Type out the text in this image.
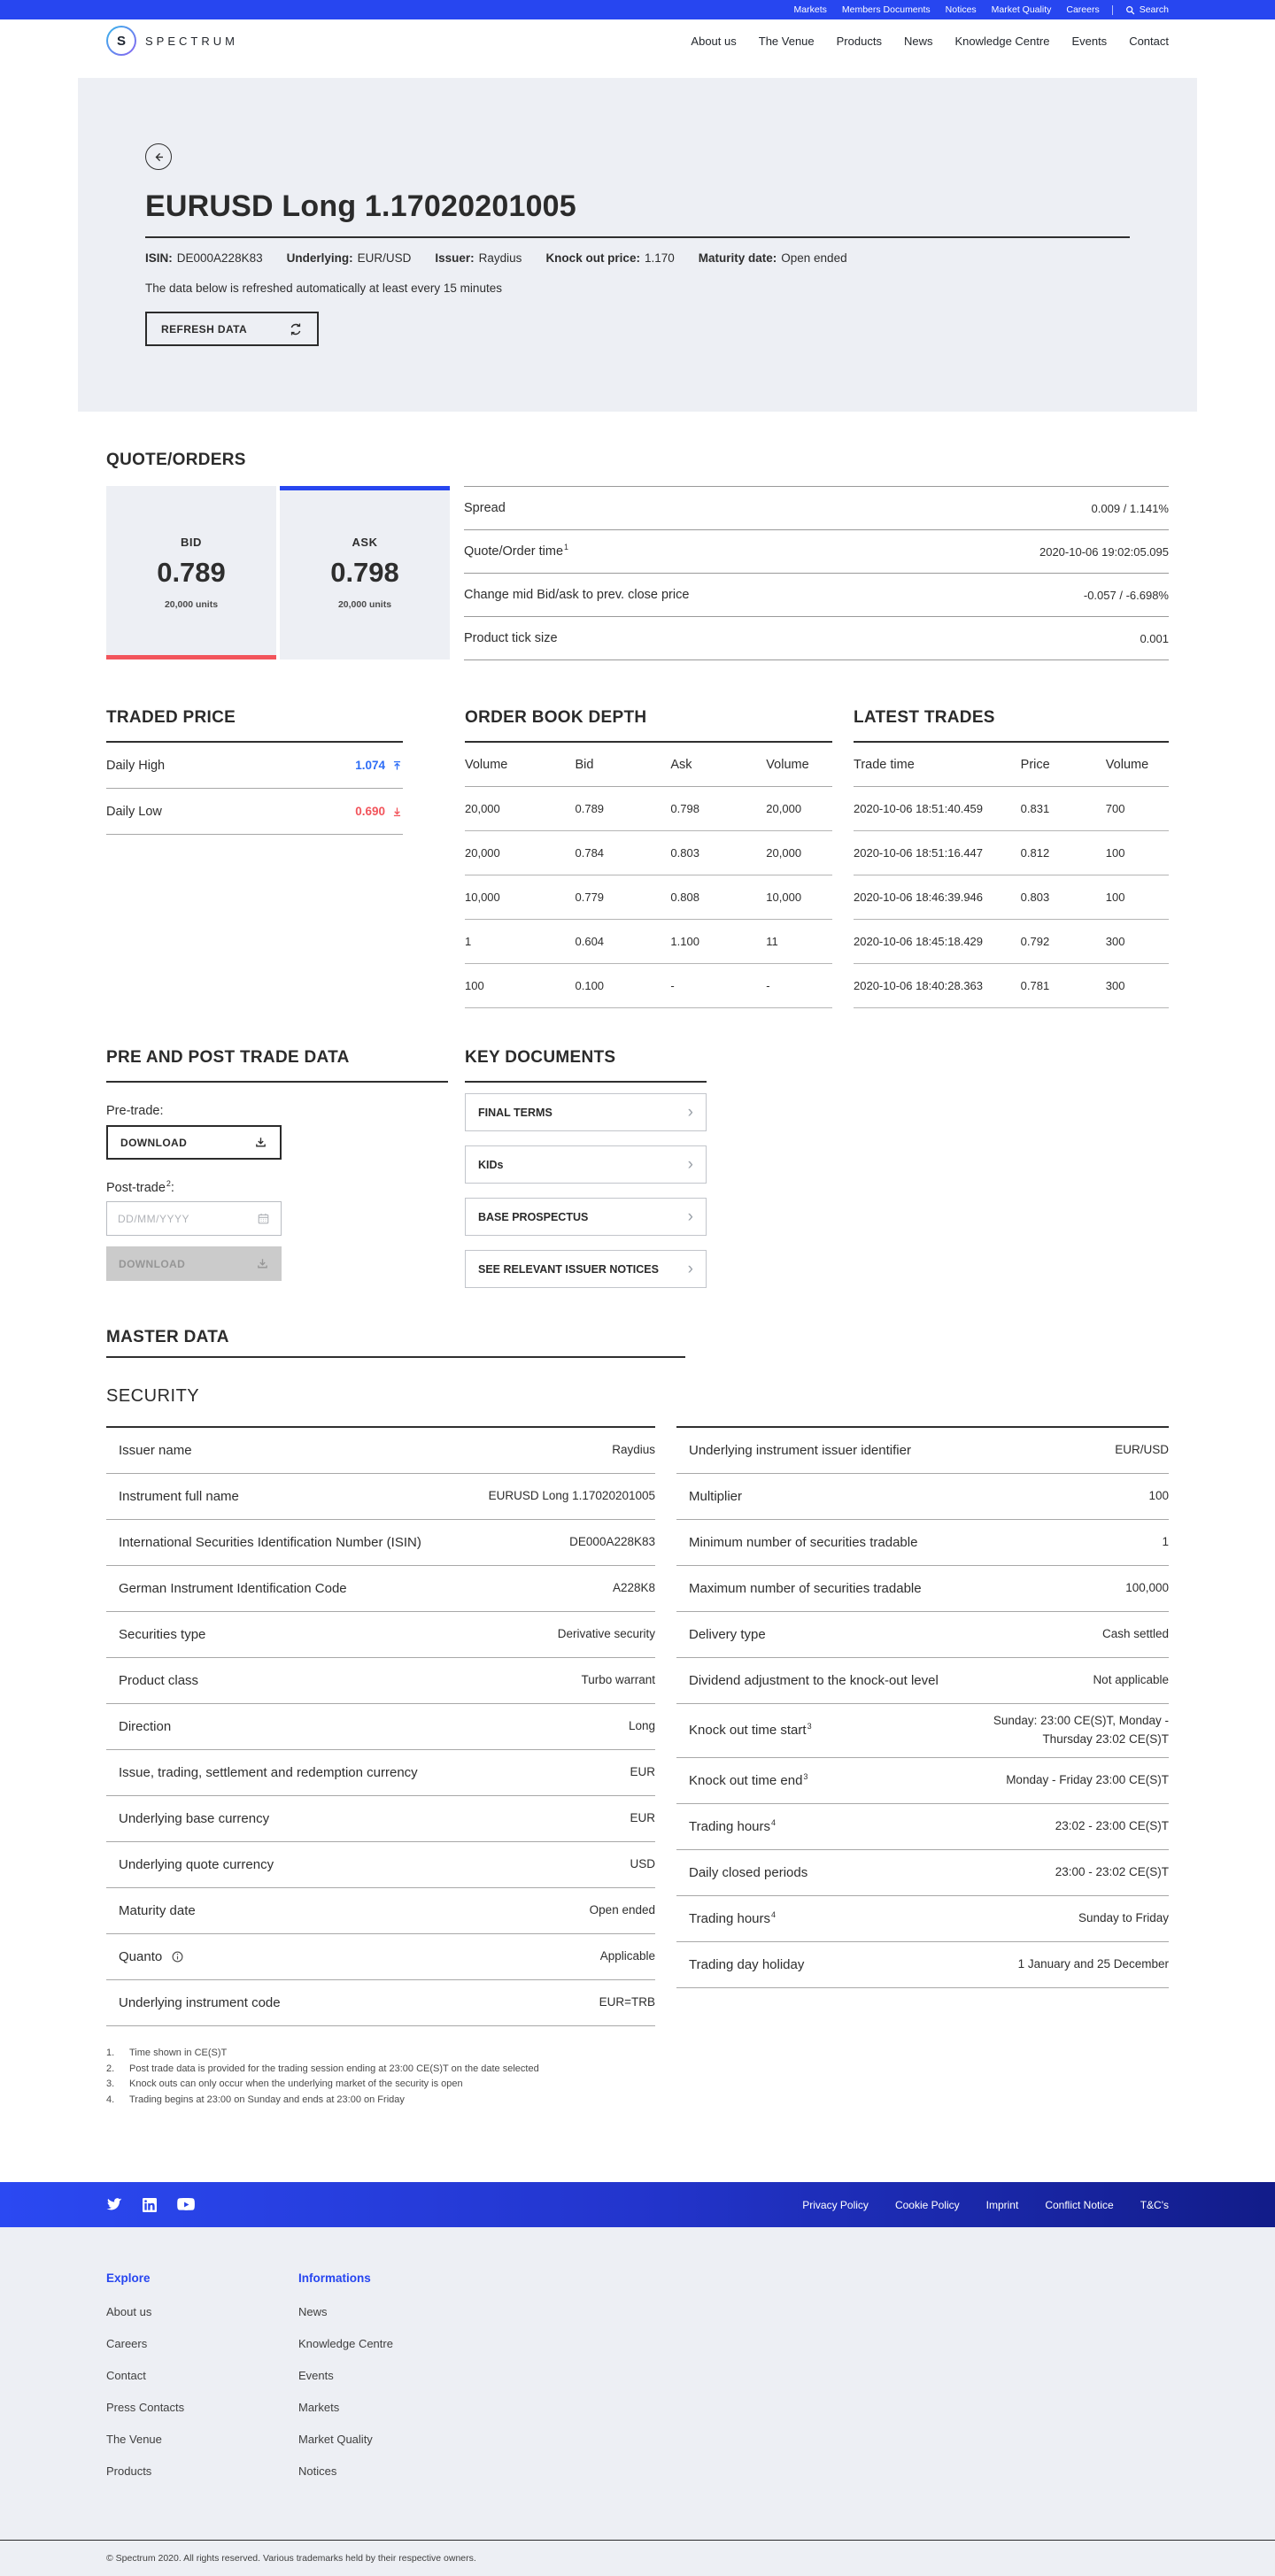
Markets Members Documents Notices Market Quality Careers	Search
S	SPECTRUM	About us The Venue Products News Knowledge Centre Events Contact
EURUSD Long 1.17020201005
ISIN: DE000A228K83 Underlying: EUR/USD Issuer: Raydius Knock out price: 1.170 Maturity date: Open ended

The data below is refreshed automatically at least every 15 minutes

REFRESH DATA
QUOTE/ORDERS
BID
0.789
20,000 units
ASK
0.798
20,000 units
Spread	0.009 / 1.141%
Quote/Order time$^1$	2020-10-06 19:02:05.095
Change mid Bid/ask to prev. close price	-0.057 / -6.698%
Product tick size	0.001
TRADED PRICE
Daily High	1.074
Daily Low	0.690
ORDER BOOK DEPTH
Volume	Bid	Ask	Volume
20,000	0.789	0.798	20,000
20,000	0.784	0.803	20,000
10,000	0.779	0.808	10,000
1	0.604	1.100	11
100	0.100	-	-
LATEST TRADES
Trade time	Price	Volume
2020-10-06 18:51:40.459	0.831	700
2020-10-06 18:51:16.447	0.812	100
2020-10-06 18:46:39.946	0.803	100
2020-10-06 18:45:18.429	0.792	300
2020-10-06 18:40:28.363	0.781	300
PRE AND POST TRADE DATA

Pre-trade:

DOWNLOAD

Post-trade$^2$:

DD/MM/YYYY
DOWNLOAD
KEY DOCUMENTS
FINAL TERMS	›
KIDs	›
BASE PROSPECTUS	›
SEE RELEVANT ISSUER NOTICES ›
MASTER DATA
SECURITY
Issuer name	Raydius
Instrument full name	EURUSD Long 1.17020201005
International Securities Identification Number (ISIN)	DE000A228K83
German Instrument Identification Code	A228K8
Securities type	Derivative security
Product class	Turbo warrant
Direction	Long
Issue, trading, settlement and redemption currency	EUR
Underlying base currency	EUR
Underlying quote currency	USD
Maturity date	Open ended
Quanto	Applicable
Underlying instrument code	EUR=TRB
Underlying instrument issuer identifier	EUR/USD
Multiplier	100
Minimum number of securities tradable	1
Maximum number of securities tradable	100,000
Delivery type	Cash settled
Dividend adjustment to the knock-out level	Not applicable
Knock out time start$^3$	Sunday: 23:00 CE(S)T, Monday - Thursday 23:02 CE(S)T
Knock out time end$^3$	Monday - Friday 23:00 CE(S)T
Trading hours$^4$	23:02 - 23:00 CE(S)T
Daily closed periods	23:00 - 23:02 CE(S)T
Trading hours$^4$	Sunday to Friday
Trading day holiday	1 January and 25 December
1.	Time shown in CE(S)T
2.	Post trade data is provided for the trading session ending at 23:00 CE(S)T on the date selected
3.	Knock outs can only occur when the underlying market of the security is open
4.	Trading begins at 23:00 on Sunday and ends at 23:00 on Friday
Privacy Policy	Cookie Policy	Imprint	Conflict Notice	T&C's
Explore
About us
Careers
Contact
Press Contacts
The Venue
Products
Informations
News
Knowledge Centre
Events
Markets
Market Quality
Notices
© Spectrum 2020. All rights reserved. Various trademarks held by their respective owners.
